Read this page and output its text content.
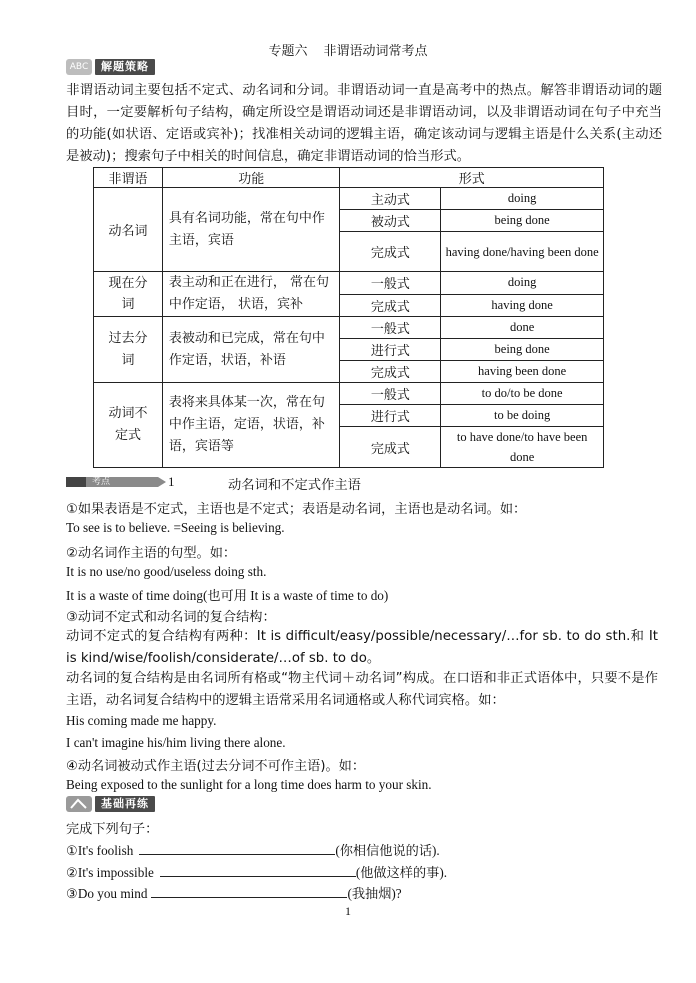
专题六 非谓语动词常考点
ABC	解题策略
非谓语动词主要包括不定式、动名词和分词。非谓语动词一直是高考中的热点。解答非谓语动词的题目时，一定要解析句子结构，确定所设空是谓语动词还是非谓语动词，以及非谓语动词在句子中充当的功能(如状语、定语或宾补)；找准相关动词的逻辑主语，确定该动词与逻辑主语是什么关系(主动还是被动)；搜索句子中相关的时间信息，确定非谓语动词的恰当形式。
非谓语	功能	形式	
动名词	具有名词功能，常在句中作主语，宾语	主动式	doing
		被动式	being done
		完成式	having done/having been done
现在分词	表主动和正在进行， 常在句中作定语， 状语，宾补	一般式	doing
		完成式	having done
过去分词	表被动和已完成，常在句中作定语，状语，补语	一般式	done
		进行式	being done
		完成式	having been done
动词不定式	表将来具体某一次，常在句中作主语，定语，状语，补语，宾语等	一般式	to do/to be done
		进行式	to be doing
		完成式	to have done/to have been done
考点	1	动名词和不定式作主语
①如果表语是不定式，主语也是不定式；表语是动名词，主语也是动名词。如：
To see is to believe. =Seeing is believing.
②动名词作主语的句型。如：
It is no use/no good/useless doing sth.
It is a waste of time doing(也可用 It is a waste of time to do)
③动词不定式和动名词的复合结构：
动词不定式的复合结构有两种：It is difficult/easy/possible/necessary/…for sb. to do sth.和 It is kind/wise/foolish/considerate/…of sb. to do。
动名词的复合结构是由名词所有格或“物主代词＋动名词”构成。在口语和非正式语体中，只要不是作主语，动名词复合结构中的逻辑主语常采用名词通格或人称代词宾格。如：
His coming made me happy.
I can't imagine his/him living there alone.
④动名词被动式作主语(过去分词不可作主语)。如：
Being exposed to the sunlight for a long time does harm to your skin.
基础再练
完成下列句子：
①It's foolish	(你相信他说的话).
②It's impossible	(他做这样的事).
③Do you mind	(我抽烟)?
1
